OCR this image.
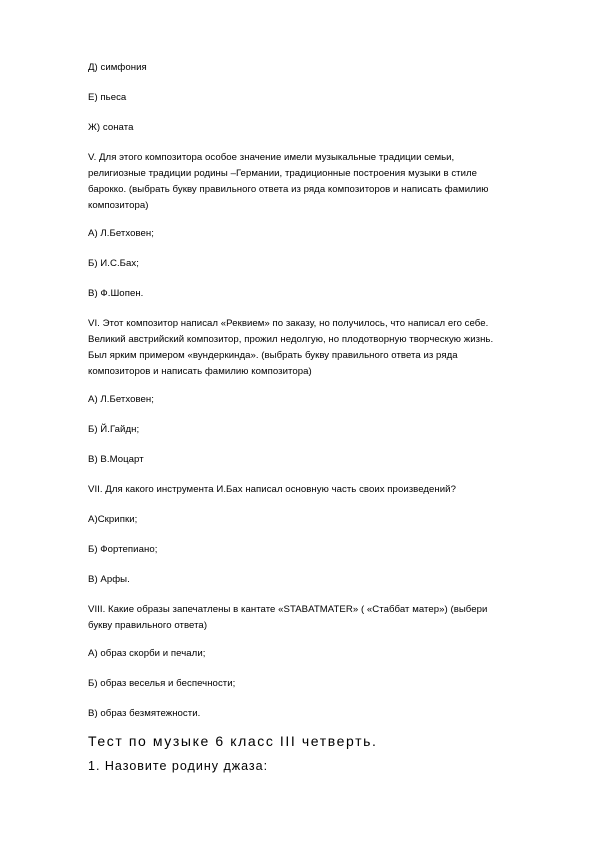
Д) симфония
Е) пьеса
Ж) соната
V. Для этого композитора особое значение имели музыкальные традиции семьи,
религиозные традиции родины –Германии, традиционные построения музыки в стиле
барокко. (выбрать букву правильного ответа из ряда композиторов и написать фамилию
композитора)
А) Л.Бетховен;
Б) И.С.Бах;
В) Ф.Шопен.
VI. Этот композитор написал «Реквием» по заказу, но получилось, что написал его себе.
Великий австрийский композитор, прожил недолгую, но плодотворную творческую жизнь.
Был ярким примером «вундеркинда». (выбрать букву правильного ответа из ряда
композиторов и написать фамилию композитора)
А) Л.Бетховен;
Б) Й.Гайдн;
В) В.Моцарт
VII. Для какого инструмента И.Бах написал основную часть своих произведений?
А)Скрипки;
Б) Фортепиано;
В) Арфы.
VIII. Какие образы запечатлены в кантате «STABATMATER» ( «Стаббат матер») (выбери
букву правильного ответа)
А) образ скорби и печали;
Б) образ веселья и беспечности;
В) образ безмятежности.
Тест по музыке 6 класс III четверть.
1. Назовите родину джаза:
